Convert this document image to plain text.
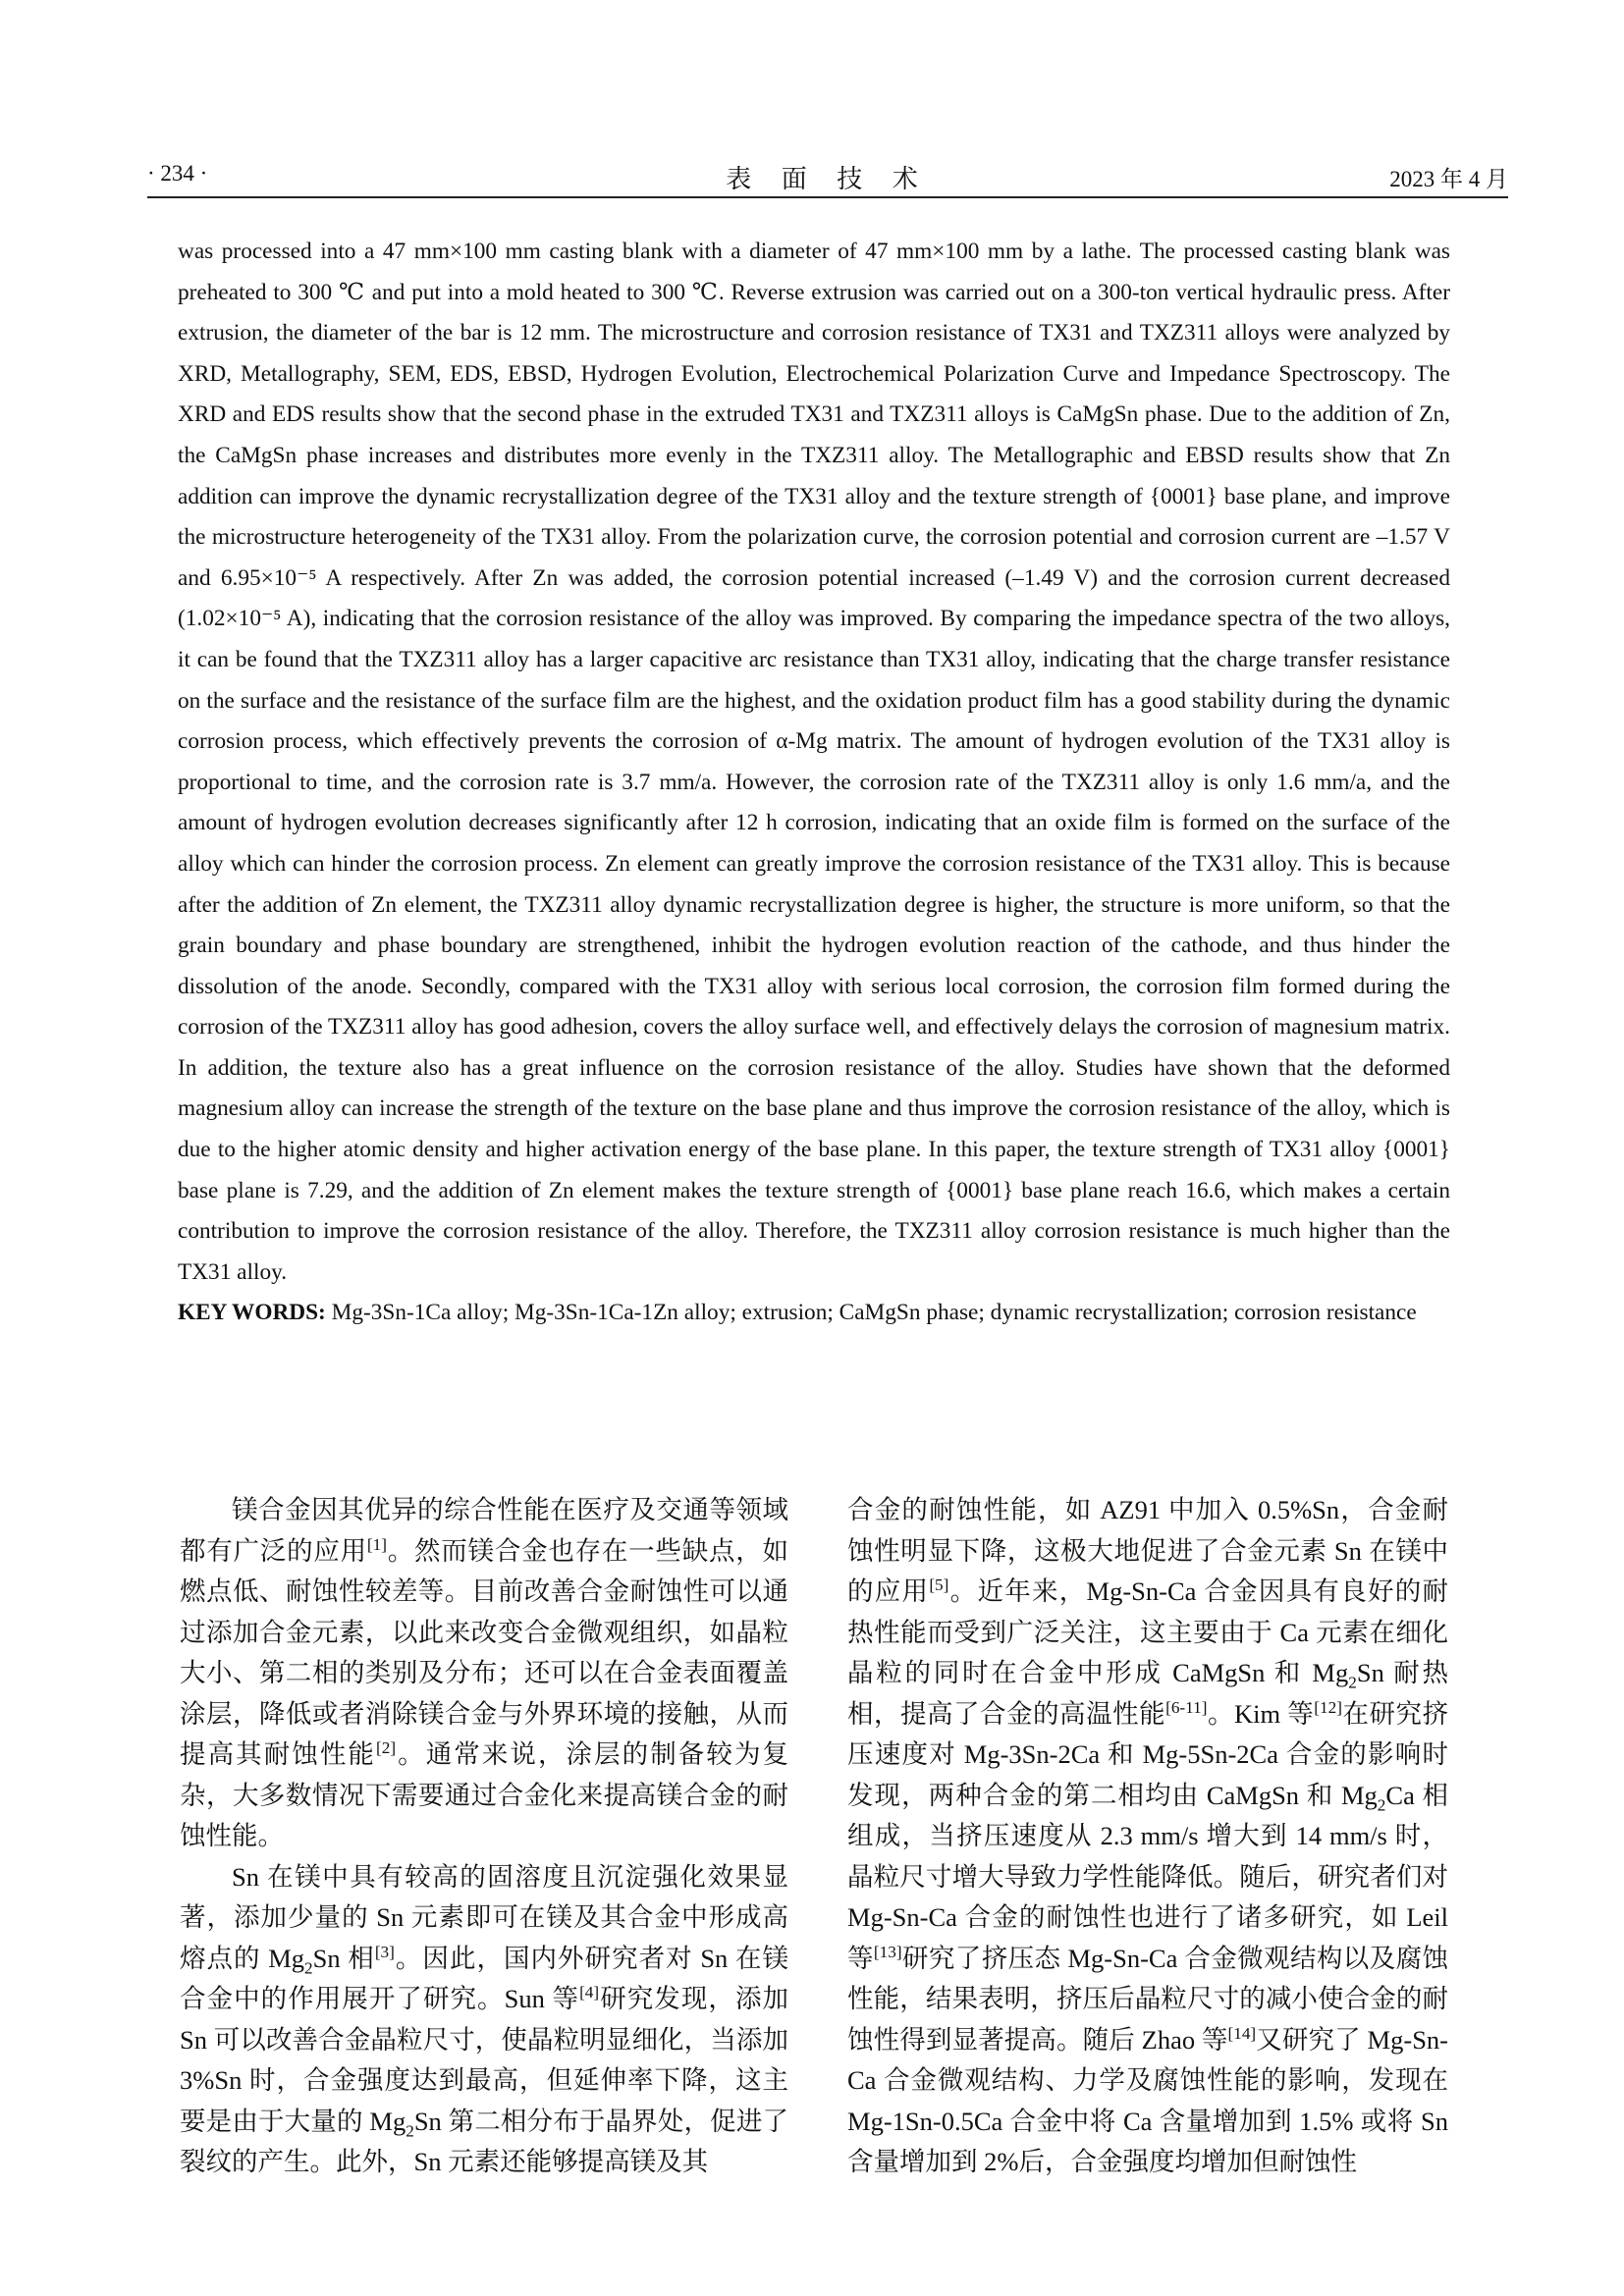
· 234 ·	表 面 技 术	2023 年 4 月

was processed into a 47 mm×100 mm casting blank with a diameter of 47 mm×100 mm by a lathe. The processed casting blank was preheated to 300 ℃ and put into a mold heated to 300 ℃. Reverse extrusion was carried out on a 300-ton vertical hydraulic press. After extrusion, the diameter of the bar is 12 mm. The microstructure and corrosion resistance of TX31 and TXZ311 alloys were analyzed by XRD, Metallography, SEM, EDS, EBSD, Hydrogen Evolution, Electrochemical Polarization Curve and Impedance Spectroscopy. The XRD and EDS results show that the second phase in the extruded TX31 and TXZ311 alloys is CaMgSn phase. Due to the addition of Zn, the CaMgSn phase increases and distributes more evenly in the TXZ311 alloy. The Metallographic and EBSD results show that Zn addition can improve the dynamic recrystallization degree of the TX31 alloy and the texture strength of {0001} base plane, and improve the microstructure heterogeneity of the TX31 alloy. From the polarization curve, the corrosion potential and corrosion current are –1.57 V and 6.95×10⁻⁵ A respectively. After Zn was added, the corrosion potential increased (–1.49 V) and the corrosion current decreased (1.02×10⁻⁵ A), indicating that the corrosion resistance of the alloy was improved. By comparing the impedance spectra of the two alloys, it can be found that the TXZ311 alloy has a larger capacitive arc resistance than TX31 alloy, indicating that the charge transfer resistance on the surface and the resistance of the surface film are the highest, and the oxidation product film has a good stability during the dynamic corrosion process, which effectively prevents the corrosion of α-Mg matrix. The amount of hydrogen evolution of the TX31 alloy is proportional to time, and the corrosion rate is 3.7 mm/a. However, the corrosion rate of the TXZ311 alloy is only 1.6 mm/a, and the amount of hydrogen evolution decreases significantly after 12 h corrosion, indicating that an oxide film is formed on the surface of the alloy which can hinder the corrosion process. Zn element can greatly improve the corrosion resistance of the TX31 alloy. This is because after the addition of Zn element, the TXZ311 alloy dynamic recrystallization degree is higher, the structure is more uniform, so that the grain boundary and phase boundary are strengthened, inhibit the hydrogen evolution reaction of the cathode, and thus hinder the dissolution of the anode. Secondly, compared with the TX31 alloy with serious local corrosion, the corrosion film formed during the corrosion of the TXZ311 alloy has good adhesion, covers the alloy surface well, and effectively delays the corrosion of magnesium matrix. In addition, the texture also has a great influence on the corrosion resistance of the alloy. Studies have shown that the deformed magnesium alloy can increase the strength of the texture on the base plane and thus improve the corrosion resistance of the alloy, which is due to the higher atomic density and higher activation energy of the base plane. In this paper, the texture strength of TX31 alloy {0001} base plane is 7.29, and the addition of Zn element makes the texture strength of {0001} base plane reach 16.6, which makes a certain contribution to improve the corrosion resistance of the alloy. Therefore, the TXZ311 alloy corrosion resistance is much higher than the TX31 alloy.

KEY WORDS: Mg-3Sn-1Ca alloy; Mg-3Sn-1Ca-1Zn alloy; extrusion; CaMgSn phase; dynamic recrystallization; corrosion resistance

镁合金因其优异的综合性能在医疗及交通等领域都有广泛的应用[1]。然而镁合金也存在一些缺点，如燃点低、耐蚀性较差等。目前改善合金耐蚀性可以通过添加合金元素，以此来改变合金微观组织，如晶粒大小、第二相的类别及分布；还可以在合金表面覆盖涂层，降低或者消除镁合金与外界环境的接触，从而提高其耐蚀性能[2]。通常来说，涂层的制备较为复杂，大多数情况下需要通过合金化来提高镁合金的耐蚀性能。

Sn 在镁中具有较高的固溶度且沉淀强化效果显著，添加少量的 Sn 元素即可在镁及其合金中形成高熔点的 $Mg_2Sn$ 相[3]。因此，国内外研究者对 Sn 在镁合金中的作用展开了研究。Sun 等[4]研究发现，添加 Sn 可以改善合金晶粒尺寸，使晶粒明显细化，当添加 3%Sn 时，合金强度达到最高，但延伸率下降，这主要是由于大量的 $Mg_2Sn$ 第二相分布于晶界处，促进了裂纹的产生。此外，Sn 元素还能够提高镁及其

合金的耐蚀性能，如 AZ91 中加入 0.5%Sn，合金耐蚀性明显下降，这极大地促进了合金元素 Sn 在镁中的应用[5]。近年来，Mg-Sn-Ca 合金因具有良好的耐热性能而受到广泛关注，这主要由于 Ca 元素在细化晶粒的同时在合金中形成 CaMgSn 和 $Mg_2Sn$ 耐热相，提高了合金的高温性能[6-11]。Kim 等[12]在研究挤压速度对 Mg-3Sn-2Ca 和 Mg-5Sn-2Ca 合金的影响时发现，两种合金的第二相均由 CaMgSn 和 $Mg_2Ca$ 相组成，当挤压速度从 2.3 mm/s 增大到 14 mm/s 时，晶粒尺寸增大导致力学性能降低。随后，研究者们对 Mg-Sn-Ca 合金的耐蚀性也进行了诸多研究，如 Leil 等[13]研究了挤压态 Mg-Sn-Ca 合金微观结构以及腐蚀性能，结果表明，挤压后晶粒尺寸的减小使合金的耐蚀性得到显著提高。随后 Zhao 等[14]又研究了 Mg-Sn-Ca 合金微观结构、力学及腐蚀性能的影响，发现在 Mg-1Sn-0.5Ca 合金中将 Ca 含量增加到 1.5% 或将 Sn 含量增加到 2%后，合金强度均增加但耐蚀性
